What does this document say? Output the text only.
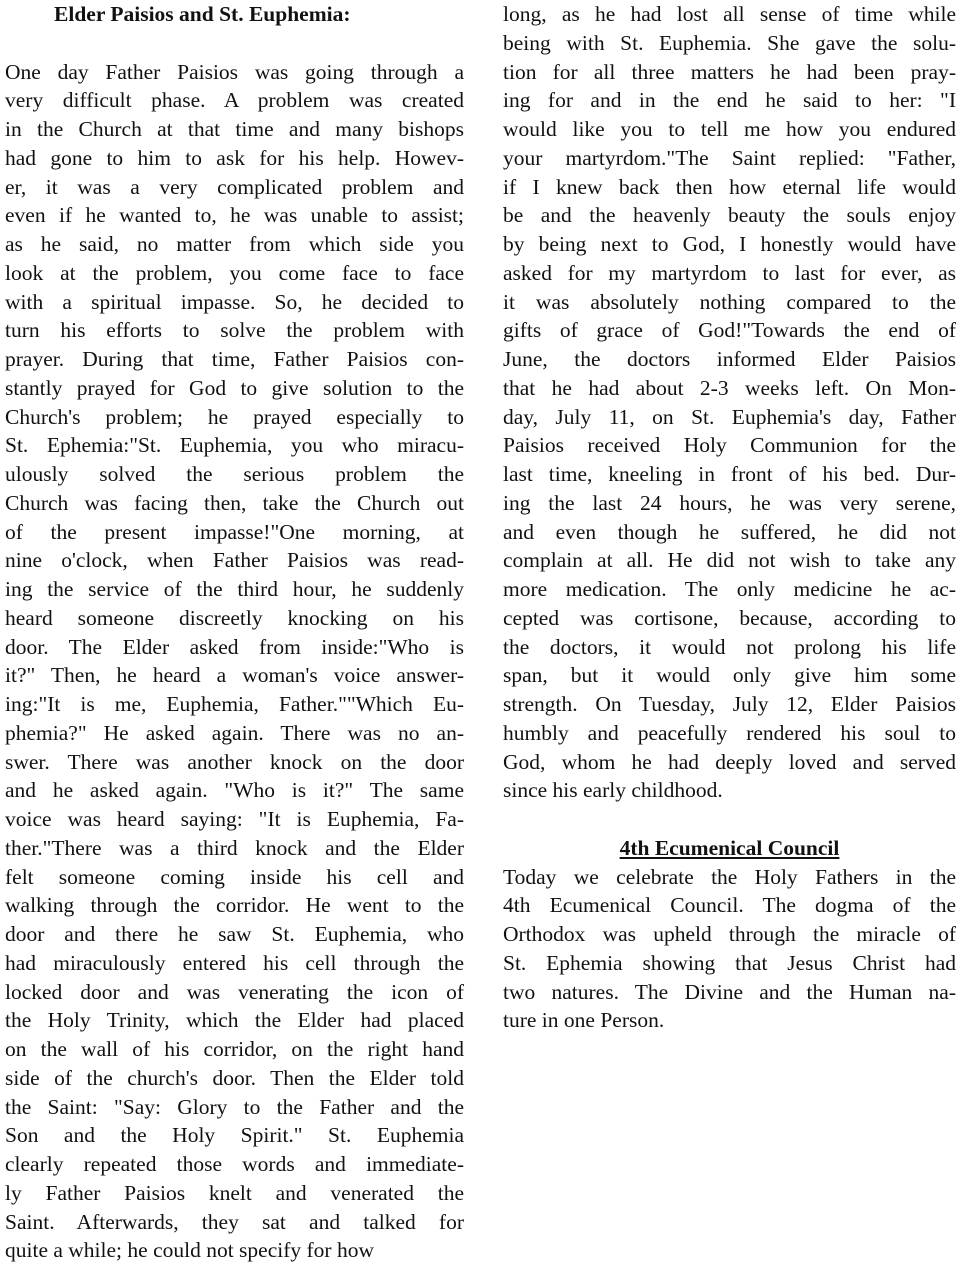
Elder Paisios and St. Euphemia:
One day Father Paisios was going through a
very difficult phase. A problem was created
in the Church at that time and many bishops
had gone to him to ask for his help. Howev-
er, it was a very complicated problem and
even if he wanted to, he was unable to assist;
as he said, no matter from which side you
look at the problem, you come face to face
with a spiritual impasse. So, he decided to
turn his efforts to solve the problem with
prayer. During that time, Father Paisios con-
stantly prayed for God to give solution to the
Church's problem; he prayed especially to
St. Ephemia:"St. Euphemia, you who miracu-
ulously solved the serious problem the
Church was facing then, take the Church out
of the present impasse!"One morning, at
nine o'clock, when Father Paisios was read-
ing the service of the third hour, he suddenly
heard someone discreetly knocking on his
door. The Elder asked from inside:"Who is
it?" Then, he heard a woman's voice answer-
ing:"It is me, Euphemia, Father.""Which Eu-
phemia?" He asked again. There was no an-
swer. There was another knock on the door
and he asked again. "Who is it?" The same
voice was heard saying: "It is Euphemia, Fa-
ther."There was a third knock and the Elder
felt someone coming inside his cell and
walking through the corridor. He went to the
door and there he saw St. Euphemia, who
had miraculously entered his cell through the
locked door and was venerating the icon of
the Holy Trinity, which the Elder had placed
on the wall of his corridor, on the right hand
side of the church's door. Then the Elder told
the Saint: "Say: Glory to the Father and the
Son and the Holy Spirit." St. Euphemia
clearly repeated those words and immediate-
ly Father Paisios knelt and venerated the
Saint. Afterwards, they sat and talked for
quite a while; he could not specify for how
long, as he had lost all sense of time while
being with St. Euphemia. She gave the solu-
tion for all three matters he had been pray-
ing for and in the end he said to her: "I
would like you to tell me how you endured
your martyrdom."The Saint replied: "Father,
if I knew back then how eternal life would
be and the heavenly beauty the souls enjoy
by being next to God, I honestly would have
asked for my martyrdom to last for ever, as
it was absolutely nothing compared to the
gifts of grace of God!"Towards the end of
June, the doctors informed Elder Paisios
that he had about 2-3 weeks left. On Mon-
day, July 11, on St. Euphemia's day, Father
Paisios received Holy Communion for the
last time, kneeling in front of his bed. Dur-
ing the last 24 hours, he was very serene,
and even though he suffered, he did not
complain at all. He did not wish to take any
more medication. The only medicine he ac-
cepted was cortisone, because, according to
the doctors, it would not prolong his life
span, but it would only give him some
strength. On Tuesday, July 12, Elder Paisios
humbly and peacefully rendered his soul to
God, whom he had deeply loved and served
since his early childhood.
4th Ecumenical Council
Today we celebrate the Holy Fathers in the
4th Ecumenical Council. The dogma of the
Orthodox was upheld through the miracle of
St. Ephemia showing that Jesus Christ had
two natures. The Divine and the Human na-
ture in one Person.
